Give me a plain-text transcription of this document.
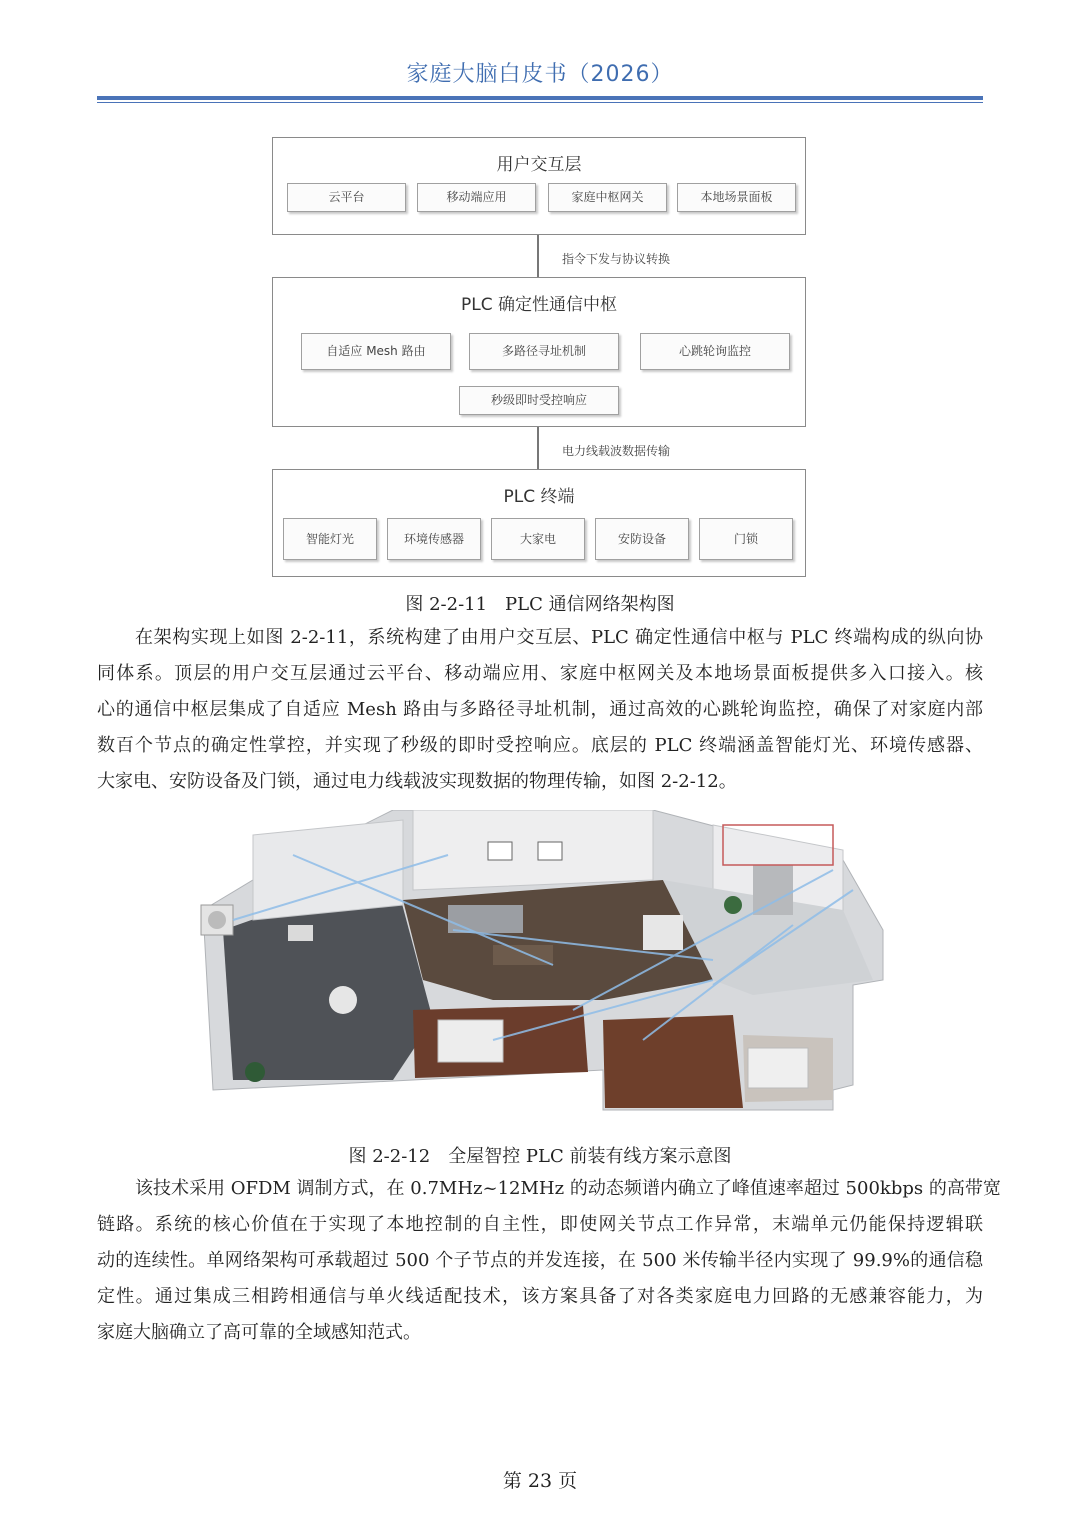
家庭大脑白皮书（2026）
用户交互层
云平台	移动端应用	家庭中枢网关	本地场景面板
指令下发与协议转换
PLC 确定性通信中枢
自适应 Mesh 路由	多路径寻址机制	心跳轮询监控
秒级即时受控响应
电力线载波数据传输
PLC 终端
智能灯光	环境传感器	大家电	安防设备	门锁
图 2-2-11　PLC 通信网络架构图
在架构实现上如图 2-2-11，系统构建了由用户交互层、PLC 确定性通信中枢与 PLC 终端构成的纵向协
同体系。顶层的用户交互层通过云平台、移动端应用、家庭中枢网关及本地场景面板提供多入口接入。核
心的通信中枢层集成了自适应 Mesh 路由与多路径寻址机制，通过高效的心跳轮询监控，确保了对家庭内部
数百个节点的确定性掌控，并实现了秒级的即时受控响应。底层的 PLC 终端涵盖智能灯光、环境传感器、
大家电、安防设备及门锁，通过电力线载波实现数据的物理传输，如图 2-2-12。
图 2-2-12　全屋智控 PLC 前装有线方案示意图
该技术采用 OFDM 调制方式，在 0.7MHz~12MHz 的动态频谱内确立了峰值速率超过 500kbps 的高带宽
链路。系统的核心价值在于实现了本地控制的自主性，即使网关节点工作异常，末端单元仍能保持逻辑联
动的连续性。单网络架构可承载超过 500 个子节点的并发连接，在 500 米传输半径内实现了 99.9%的通信稳
定性。通过集成三相跨相通信与单火线适配技术，该方案具备了对各类家庭电力回路的无感兼容能力，为
家庭大脑确立了高可靠的全域感知范式。
第 23 页
